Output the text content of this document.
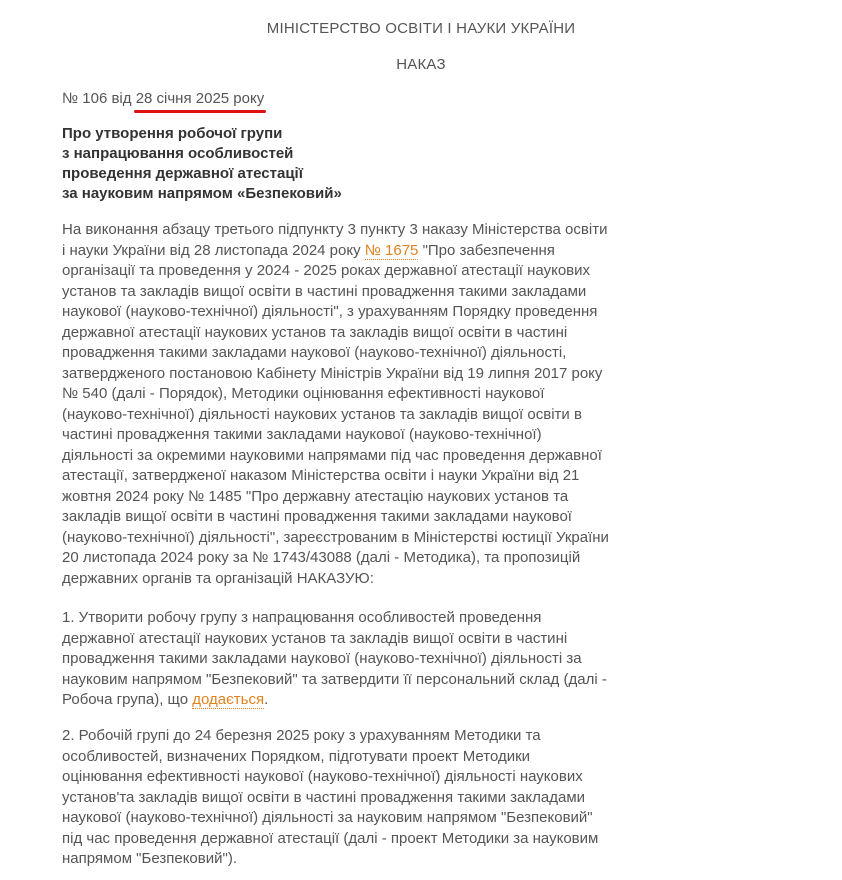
МІНІСТЕРСТВО ОСВІТИ І НАУКИ УКРАЇНИ
НАКАЗ
№ 106 від 28 січня 2025 року
Про утворення робочої групи
з напрацювання особливостей
проведення державної атестації
за науковим напрямом «Безпековий»
На виконання абзацу третього підпункту 3 пункту 3 наказу Міністерства освіти
і науки України від 28 листопада 2024 року № 1675 "Про забезпечення
організації та проведення у 2024 - 2025 роках державної атестації наукових
установ та закладів вищої освіти в частині провадження такими закладами
наукової (науково-технічної) діяльності", з урахуванням Порядку проведення
державної атестації наукових установ та закладів вищої освіти в частині
провадження такими закладами наукової (науково-технічної) діяльності,
затвердженого постановою Кабінету Міністрів України від 19 липня 2017 року
№ 540 (далі - Порядок), Методики оцінювання ефективності наукової
(науково-технічної) діяльності наукових установ та закладів вищої освіти в
частині провадження такими закладами наукової (науково-технічної)
діяльності за окремими науковими напрямами під час проведення державної
атестації, затвердженої наказом Міністерства освіти і науки України від 21
жовтня 2024 року № 1485 "Про державну атестацію наукових установ та
закладів вищої освіти в частині провадження такими закладами наукової
(науково-технічної) діяльності", зареєстрованим в Міністерстві юстиції України
20 листопада 2024 року за № 1743/43088 (далі - Методика), та пропозицій
державних органів та організацій НАКАЗУЮ:
1. Утворити робочу групу з напрацювання особливостей проведення
державної атестації наукових установ та закладів вищої освіти в частині
провадження такими закладами наукової (науково-технічної) діяльності за
науковим напрямом "Безпековий" та затвердити її персональний склад (далі -
Робоча група), що додається.
2. Робочій групі до 24 березня 2025 року з урахуванням Методики та
особливостей, визначених Порядком, підготувати проект Методики
оцінювання ефективності наукової (науково-технічної) діяльності наукових
установ'та закладів вищої освіти в частині провадження такими закладами
наукової (науково-технічної) діяльності за науковим напрямом "Безпековий"
під час проведення державної атестації (далі - проект Методики за науковим
напрямом "Безпековий").
